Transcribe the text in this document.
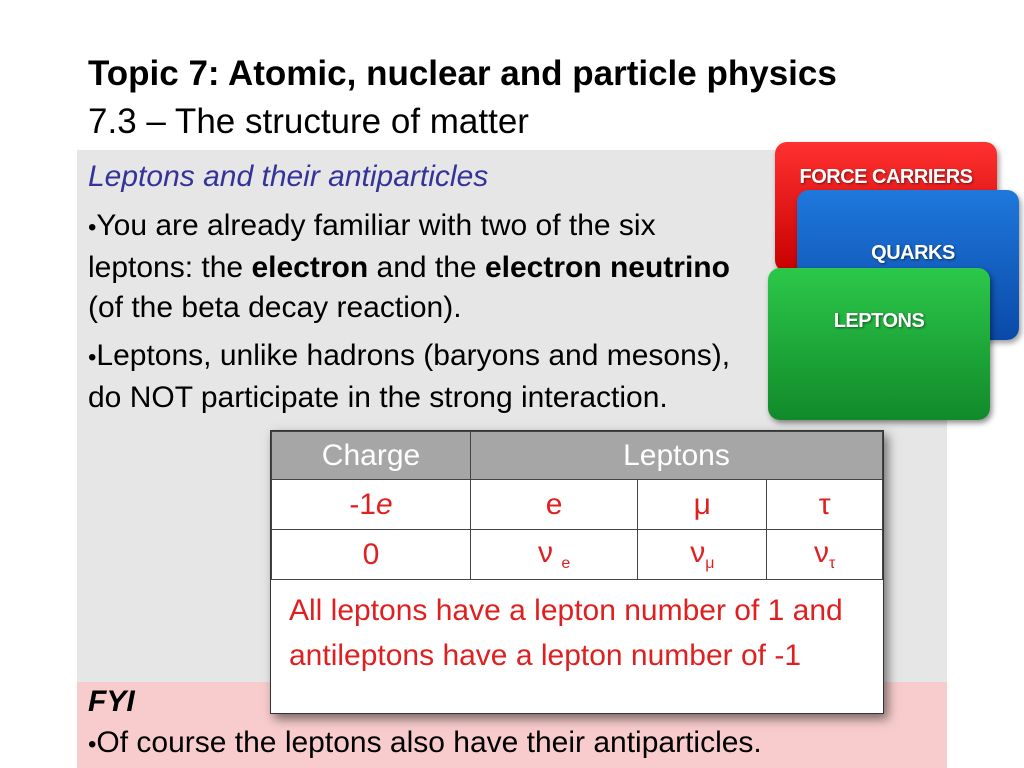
Topic 7: Atomic, nuclear and particle physics
7.3 – The structure of matter
Leptons and their antiparticles

•You are already familiar with two of the six leptons: the electron and the electron neutrino (of the beta decay reaction).

•Leptons, unlike hadrons (baryons and mesons), do NOT participate in the strong interaction.

FORCE CARRIERS
QUARKS
LEPTONS
Charge	Leptons		
-1e	e	μ	τ
0	ν $_e$	$\nu_\mu$	$\nu_\tau$
All leptons have a lepton number of 1 and antileptons have a lepton number of -1
FYI
•Of course the leptons also have their antiparticles.
